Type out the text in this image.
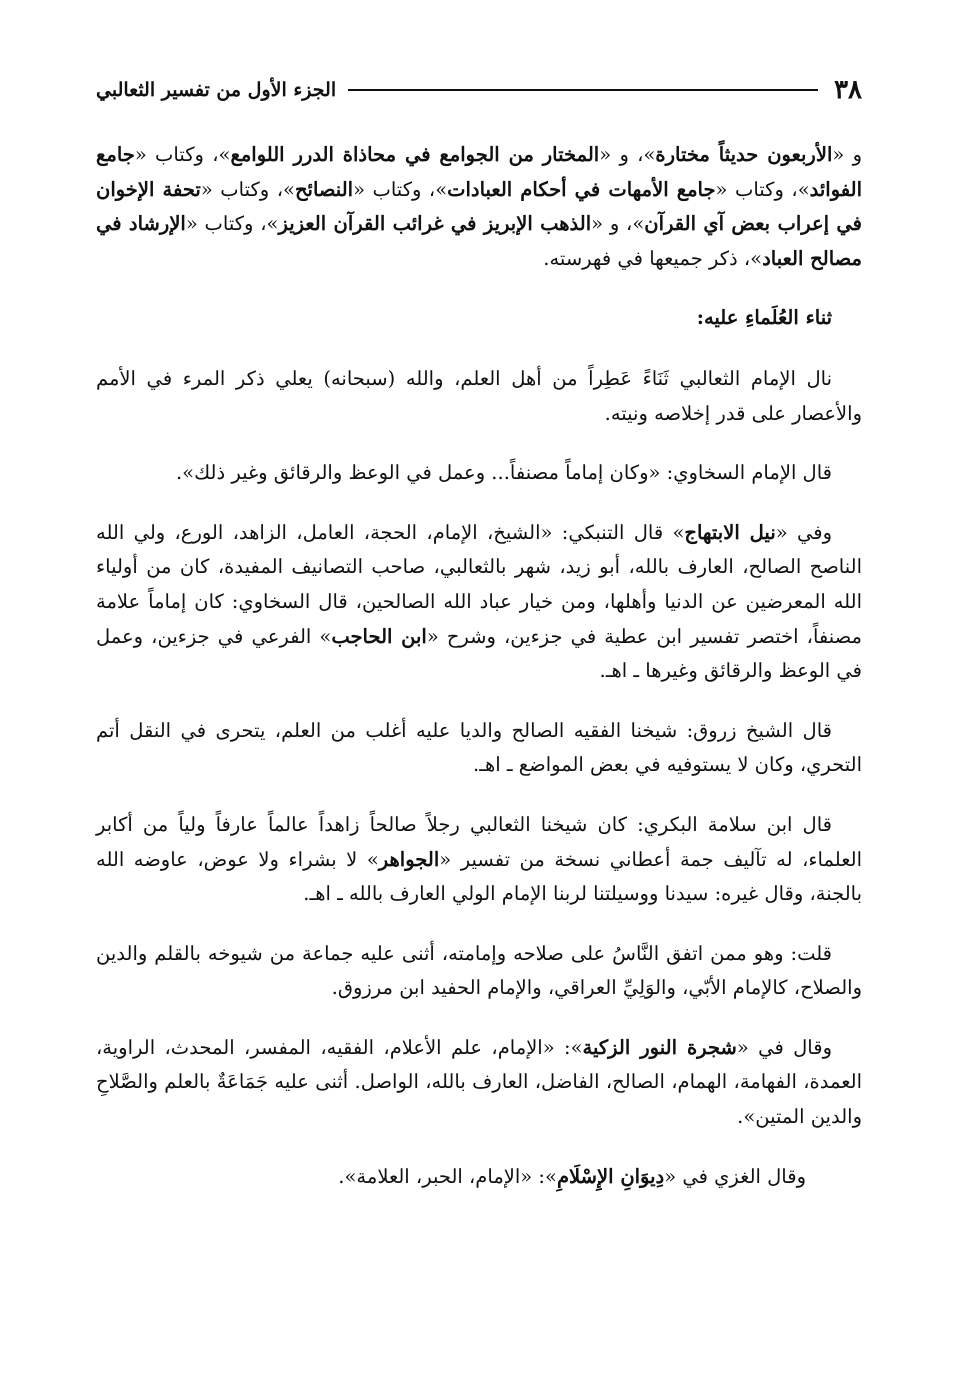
٣٨
الجزء الأول من تفسير الثعالبي

و «الأربعون حديثاً مختارة»، و «المختار من الجوامع في محاذاة الدرر اللوامع»، وكتاب «جامع الفوائد»، وكتاب «جامع الأمهات في أحكام العبادات»، وكتاب «النصائح»، وكتاب «تحفة الإخوان في إعراب بعض آي القرآن»، و «الذهب الإبريز في غرائب القرآن العزيز»، وكتاب «الإرشاد في مصالح العباد»، ذكر جميعها في فهرسته.

ثناء العُلَماءِ عليه:

نال الإمام الثعالبي ثَنَاءً عَطِراً من أهل العلم، والله (سبحانه) يعلي ذكر المرء في الأمم والأعصار على قدر إخلاصه ونيته.

قال الإمام السخاوي: «وكان إماماً مصنفاً... وعمل في الوعظ والرقائق وغير ذلك».

وفي «نيل الابتهاج» قال التنبكي: «الشيخ، الإمام، الحجة، العامل، الزاهد، الورع، ولي الله الناصح الصالح، العارف بالله، أبو زيد، شهر بالثعالبي، صاحب التصانيف المفيدة، كان من أولياء الله المعرضين عن الدنيا وأهلها، ومن خيار عباد الله الصالحين، قال السخاوي: كان إماماً علامة مصنفاً، اختصر تفسير ابن عطية في جزءين، وشرح «ابن الحاجب» الفرعي في جزءين، وعمل في الوعظ والرقائق وغيرها ـ اهـ.

قال الشيخ زروق: شيخنا الفقيه الصالح والديا عليه أغلب من العلم، يتحرى في النقل أتم التحري، وكان لا يستوفيه في بعض المواضع ـ اهـ.

قال ابن سلامة البكري: كان شيخنا الثعالبي رجلاً صالحاً زاهداً عالماً عارفاً ولياً من أكابر العلماء، له تآليف جمة أعطاني نسخة من تفسير «الجواهر» لا بشراء ولا عوض، عاوضه الله بالجنة، وقال غيره: سيدنا ووسيلتنا لربنا الإمام الولي العارف بالله ـ اهـ.

قلت: وهو ممن اتفق النَّاسُ على صلاحه وإمامته، أثنى عليه جماعة من شيوخه بالقلم والدين والصلاح، كالإمام الأبّي، والوَلِيِّ العراقي، والإمام الحفيد ابن مرزوق.

وقال في «شجرة النور الزكية»: «الإمام، علم الأعلام، الفقيه، المفسر، المحدث، الراوية، العمدة، الفهامة، الهمام، الصالح، الفاضل، العارف بالله، الواصل. أثنى عليه جَمَاعَةٌ بالعلم والصَّلاحِ والدين المتين».

وقال الغزي في «دِيوَانِ الإِسْلَامِ»: «الإمام، الحبر، العلامة».
